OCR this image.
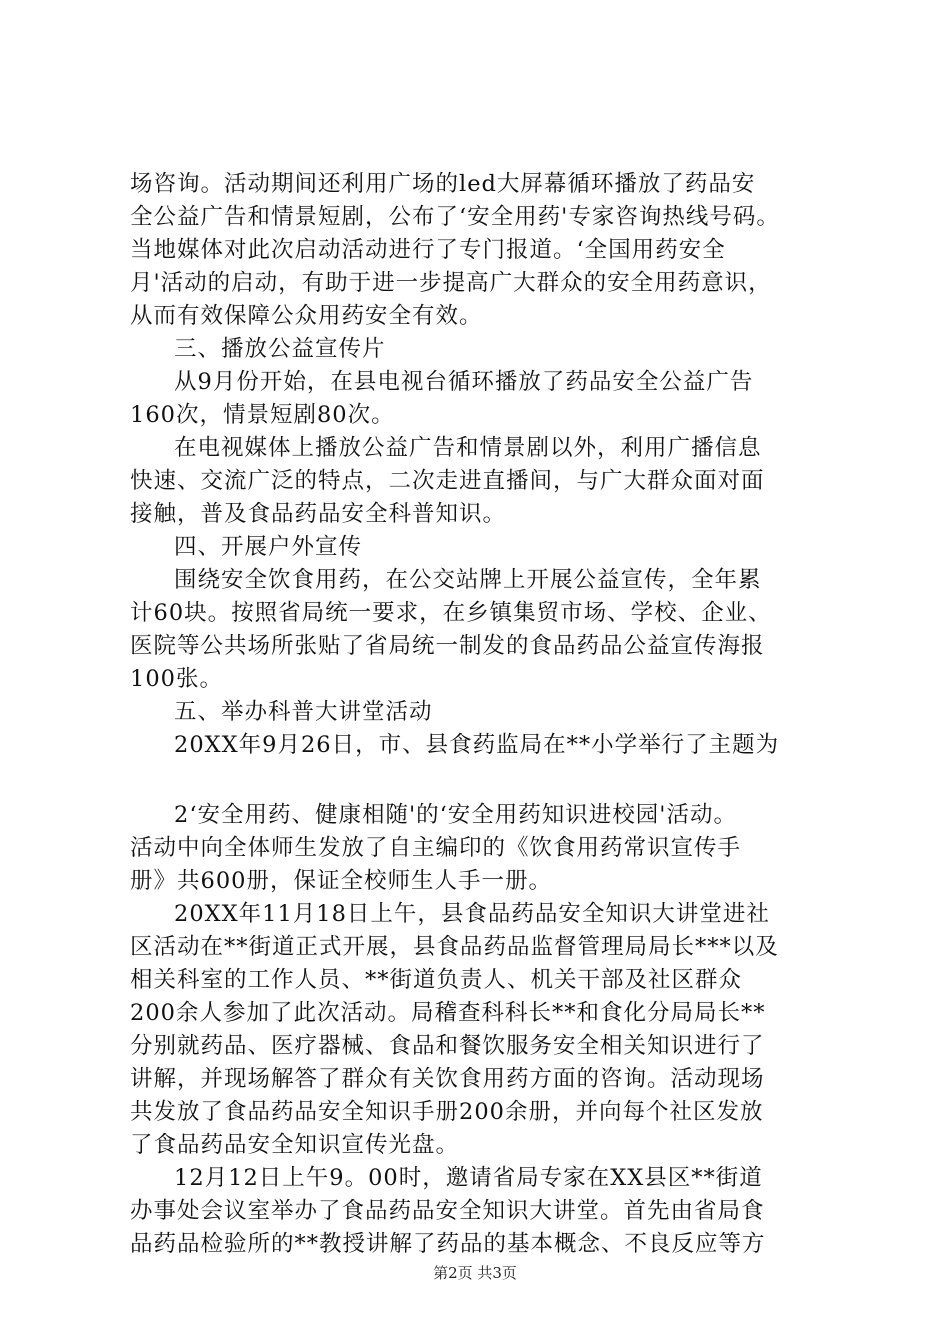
场咨询。活动期间还利用广场的led大屏幕循环播放了药品安
全公益广告和情景短剧，公布了‘安全用药'专家咨询热线号码。
当地媒体对此次启动活动进行了专门报道。‘全国用药安全
月'活动的启动，有助于进一步提高广大群众的安全用药意识，
从而有效保障公众用药安全有效。
三、播放公益宣传片
从9月份开始，在县电视台循环播放了药品安全公益广告
160次，情景短剧80次。
在电视媒体上播放公益广告和情景剧以外，利用广播信息
快速、交流广泛的特点，二次走进直播间，与广大群众面对面
接触，普及食品药品安全科普知识。
四、开展户外宣传
围绕安全饮食用药，在公交站牌上开展公益宣传，全年累
计60块。按照省局统一要求，在乡镇集贸市场、学校、企业、
医院等公共场所张贴了省局统一制发的食品药品公益宣传海报
100张。
五、举办科普大讲堂活动
20XX年9月26日，市、县食药监局在**小学举行了主题为
2‘安全用药、健康相随'的‘安全用药知识进校园'活动。
活动中向全体师生发放了自主编印的《饮食用药常识宣传手
册》共600册，保证全校师生人手一册。
20XX年11月18日上午，县食品药品安全知识大讲堂进社
区活动在**街道正式开展，县食品药品监督管理局局长***以及
相关科室的工作人员、**街道负责人、机关干部及社区群众
200余人参加了此次活动。局稽查科科长**和食化分局局长**
分别就药品、医疗器械、食品和餐饮服务安全相关知识进行了
讲解，并现场解答了群众有关饮食用药方面的咨询。活动现场
共发放了食品药品安全知识手册200余册，并向每个社区发放
了食品药品安全知识宣传光盘。
12月12日上午9。00时，邀请省局专家在XX县区**街道
办事处会议室举办了食品药品安全知识大讲堂。首先由省局食
品药品检验所的**教授讲解了药品的基本概念、不良反应等方
第2页 共3页
